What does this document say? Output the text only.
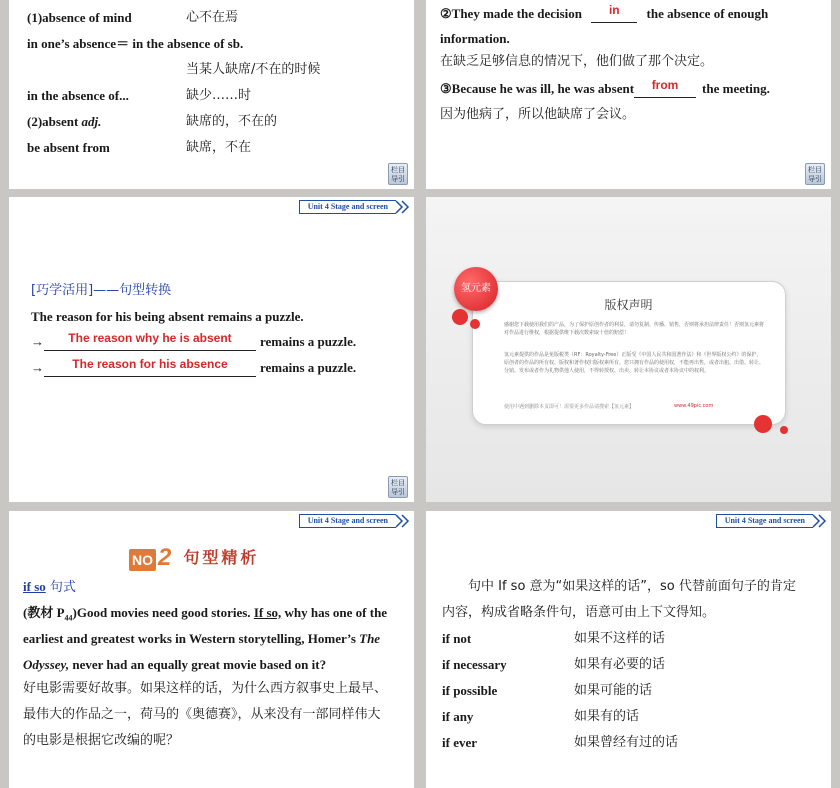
(1)absence of mind	心不在焉
in one’s absence＝ in the absence of sb.
当某人缺席/不在的时候
in the absence of...	缺少……时
(2)absent adj.	缺席的，不在的
be absent from	缺席，不在
栏目
导引
②They made the decision	in	the absence of enough
information.
在缺乏足够信息的情况下，他们做了那个决定。
③Because he was ill, he was absent	from	the meeting.
因为他病了，所以他缺席了会议。
栏目
导引
Unit 4 Stage and screen
[巧学活用]——句型转换
The reason for his being absent remains a puzzle.
→	The reason why he is absent	remains a puzzle.
→	The reason for his absence	remains a puzzle.
栏目
导引
氢元素
版权声明
感谢您下载使用我们的产品，为了保护原创作者的利益，请勿复制、传播、销售，否则将承担法律责任！否则氢元素将对作品进行维权，根据提供维下载次数索取十倍的赔偿！
氢元素提供的作品是免版税类（RF：Royalty-Free）正版受《中国人民共和国著作法》和《世界版权公约》的保护，原创者的作品的所有权、版权和著作权归版权素所有，您只拥有作品的使用权，不能再出售，或者出租、出借、转让、分销、发布或者作为礼物供他人使用，不得转授权、出卖、转让本协议或者本协议中的权利。
使用中遇到删除本页即可！需要更多作品请搜索【氢元素】	www.49pic.com
Unit 4 Stage and screen
NO 2 句型精析
if so 句式
(教材 $P_{44})Good$ movies need good stories. If so, why has one of the
earliest and greatest works in Western storytelling, Homer’s The
Odyssey, never had an equally great movie based on it?
好电影需要好故事。如果这样的话，为什么西方叙事史上最早、
最伟大的作品之一，荷马的《奥德赛》，从来没有一部同样伟大
的电影是根据它改编的呢？
Unit 4 Stage and screen
句中 If so 意为“如果这样的话”，so 代替前面句子的肯定
内容，构成省略条件句，语意可由上下文得知。
if not	如果不这样的话
if necessary	如果有必要的话
if possible	如果可能的话
if any	如果有的话
if ever	如果曾经有过的话
